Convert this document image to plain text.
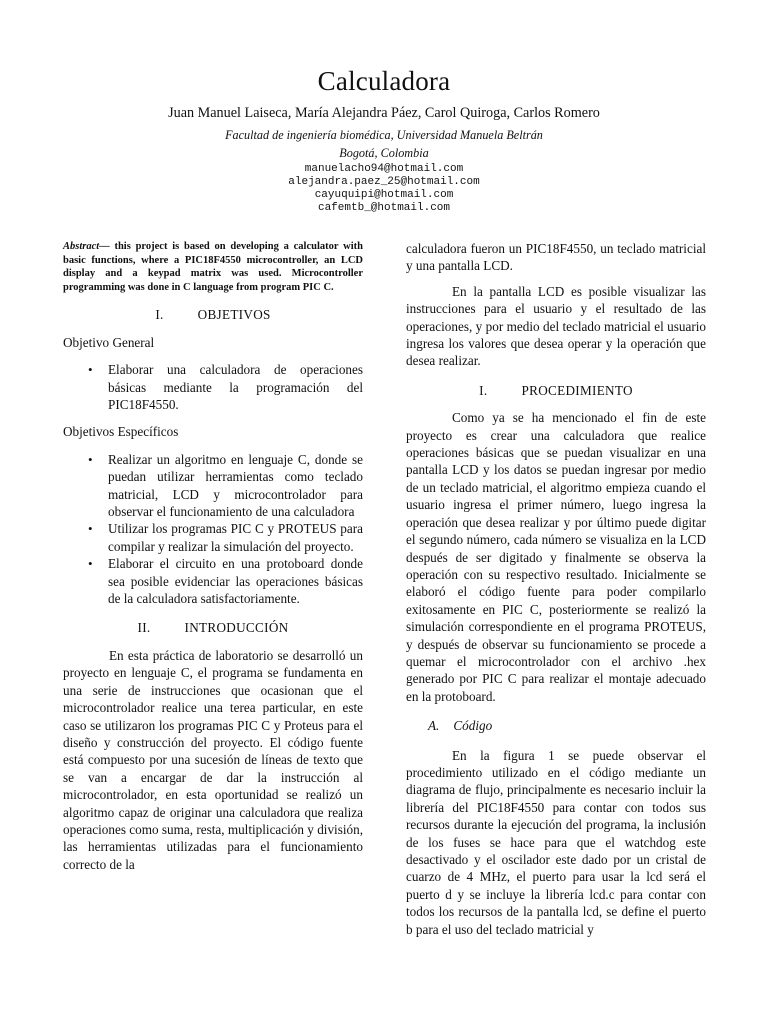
Calculadora
Juan Manuel Laiseca, María Alejandra Páez, Carol Quiroga, Carlos Romero
Facultad de ingeniería biomédica, Universidad Manuela Beltrán
Bogotá, Colombia
manuelacho94@hotmail.com
alejandra.paez_25@hotmail.com
cayuquipi@hotmail.com
cafemtb_@hotmail.com
Abstract— this project is based on developing a calculator with basic functions, where a PIC18F4550 microcontroller, an LCD display and a keypad matrix was used. Microcontroller programming was done in C language from program PIC C.
I.	OBJETIVOS

Objetivo General

• Elaborar una calculadora de operaciones básicas mediante la programación del PIC18F4550.

Objetivos Específicos

• Realizar un algoritmo en lenguaje C, donde se puedan utilizar herramientas como teclado matricial, LCD y microcontrolador para observar el funcionamiento de una calculadora
• Utilizar los programas PIC C y PROTEUS para compilar y realizar la simulación del proyecto.
• Elaborar el circuito en una protoboard donde sea posible evidenciar las operaciones básicas de la calculadora satisfactoriamente.
II.	INTRODUCCIÓN

En esta práctica de laboratorio se desarrolló un proyecto en lenguaje C, el programa se fundamenta en una serie de instrucciones que ocasionan que el microcontrolador realice una terea particular, en este caso se utilizaron los programas PIC C y Proteus para el diseño y construcción del proyecto. El código fuente está compuesto por una sucesión de líneas de texto que se van a encargar de dar la instrucción al microcontrolador, en esta oportunidad se realizó un algoritmo capaz de originar una calculadora que realiza operaciones como suma, resta, multiplicación y división, las herramientas utilizadas para el funcionamiento correcto de la

calculadora fueron un PIC18F4550, un teclado matricial y una pantalla LCD.

En la pantalla LCD es posible visualizar las instrucciones para el usuario y el resultado de las operaciones, y por medio del teclado matricial el usuario ingresa los valores que desea operar y la operación que desea realizar.

I.	PROCEDIMIENTO

Como ya se ha mencionado el fin de este proyecto es crear una calculadora que realice operaciones básicas que se puedan visualizar en una pantalla LCD y los datos se puedan ingresar por medio de un teclado matricial, el algoritmo empieza cuando el usuario ingresa el primer número, luego ingresa la operación que desea realizar y por último puede digitar el segundo número, cada número se visualiza en la LCD después de ser digitado y finalmente se observa la operación con su respectivo resultado. Inicialmente se elaboró el código fuente para poder compilarlo exitosamente en PIC C, posteriormente se realizó la simulación correspondiente en el programa PROTEUS, y después de observar su funcionamiento se procede a quemar el microcontrolador con el archivo .hex generado por PIC C para realizar el montaje adecuado en la protoboard.

A. Código

En la figura 1 se puede observar el procedimiento utilizado en el código mediante un diagrama de flujo, principalmente es necesario incluir la librería del PIC18F4550 para contar con todos sus recursos durante la ejecución del programa, la inclusión de los fuses se hace para que el watchdog este desactivado y el oscilador este dado por un cristal de cuarzo de 4 MHz, el puerto para usar la lcd será el puerto d y se incluye la librería lcd.c para contar con todos los recursos de la pantalla lcd, se define el puerto b para el uso del teclado matricial y
